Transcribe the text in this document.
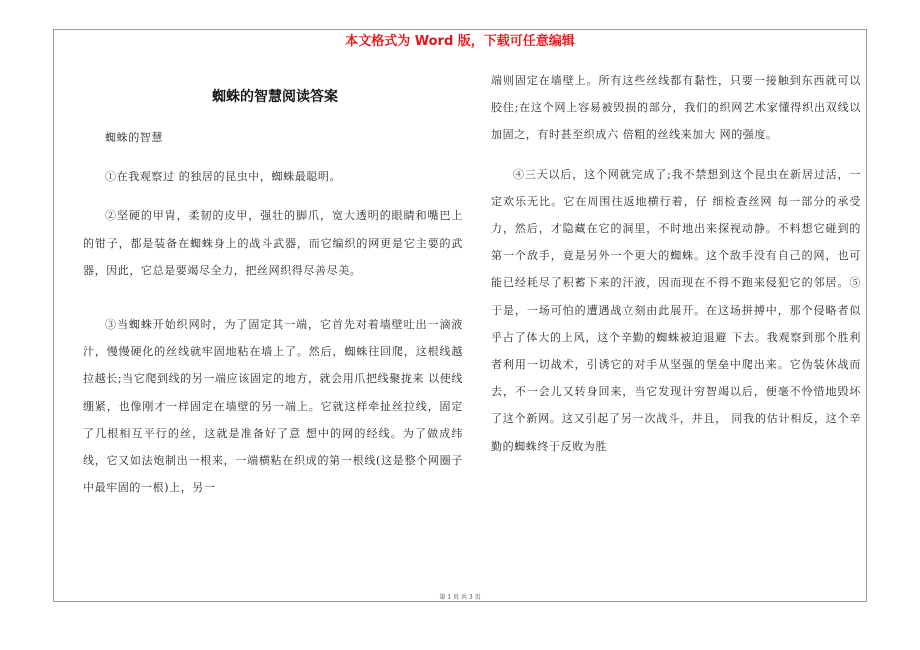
本文格式为 Word 版，下载可任意编辑
蜘蛛的智慧阅读答案

蜘蛛的智慧

①在我观察过 的独居的昆虫中，蜘蛛最聪明。

②坚硬的甲胄，柔韧的皮甲，强壮的脚爪，宽大透明的眼睛和嘴巴上的钳子，都是装备在蜘蛛身上的战斗武器，而它编织的网更是它主要的武器，因此，它总是要竭尽全力，把丝网织得尽善尽美。

③当蜘蛛开始织网时，为了固定其一端，它首先对着墙壁吐出一滴液汁，慢慢硬化的丝线就牢固地粘在墙上了。然后，蜘蛛往回爬，这根线越拉越长;当它爬到线的另一端应该固定的地方，就会用爪把线聚拢来 以使线绷紧，也像刚才一样固定在墙壁的另一端上。它就这样牵扯丝拉线，固定了几根相互平行的丝，这就是准备好了意 想中的网的经线。为了做成纬线，它又如法炮制出一根来，一端横粘在织成的第一根线(这是整个网圈子中最牢固的一根)上，另一

端则固定在墙壁上。所有这些丝线都有黏性，只要一接触到东西就可以胶住;在这个网上容易被毁损的部分，我们的织网艺术家懂得织出双线以加固之，有时甚至织成六 倍粗的丝线来加大 网的强度。

④三天以后，这个网就完成了;我不禁想到这个昆虫在新居过活，一定欢乐无比。它在周围往返地横行着，仔 细检查丝网 每一部分的承受力，然后，才隐藏在它的洞里，不时地出来探视动静。不料想它碰到的第一个敌手，竟是另外一个更大的蜘蛛。这个敌手没有自己的网，也可能已经耗尽了积蓄下来的汗液，因而现在不得不跑来侵犯它的邻居。⑤于是，一场可怕的遭遇战立刻由此展开。在这场拼搏中，那个侵略者似乎占了体大的上风，这个辛勤的蜘蛛被迫退避 下去。我观察到那个胜利者利用一切战术，引诱它的对手从坚强的堡垒中爬出来。它伪装休战而去，不一会儿又转身回来，当它发现计穷智竭以后，便毫不怜惜地毁坏了这个新网。这又引起了另一次战斗，并且， 同我的估计相反，这个辛勤的蜘蛛终于反败为胜

第 1 页 共 3 页
